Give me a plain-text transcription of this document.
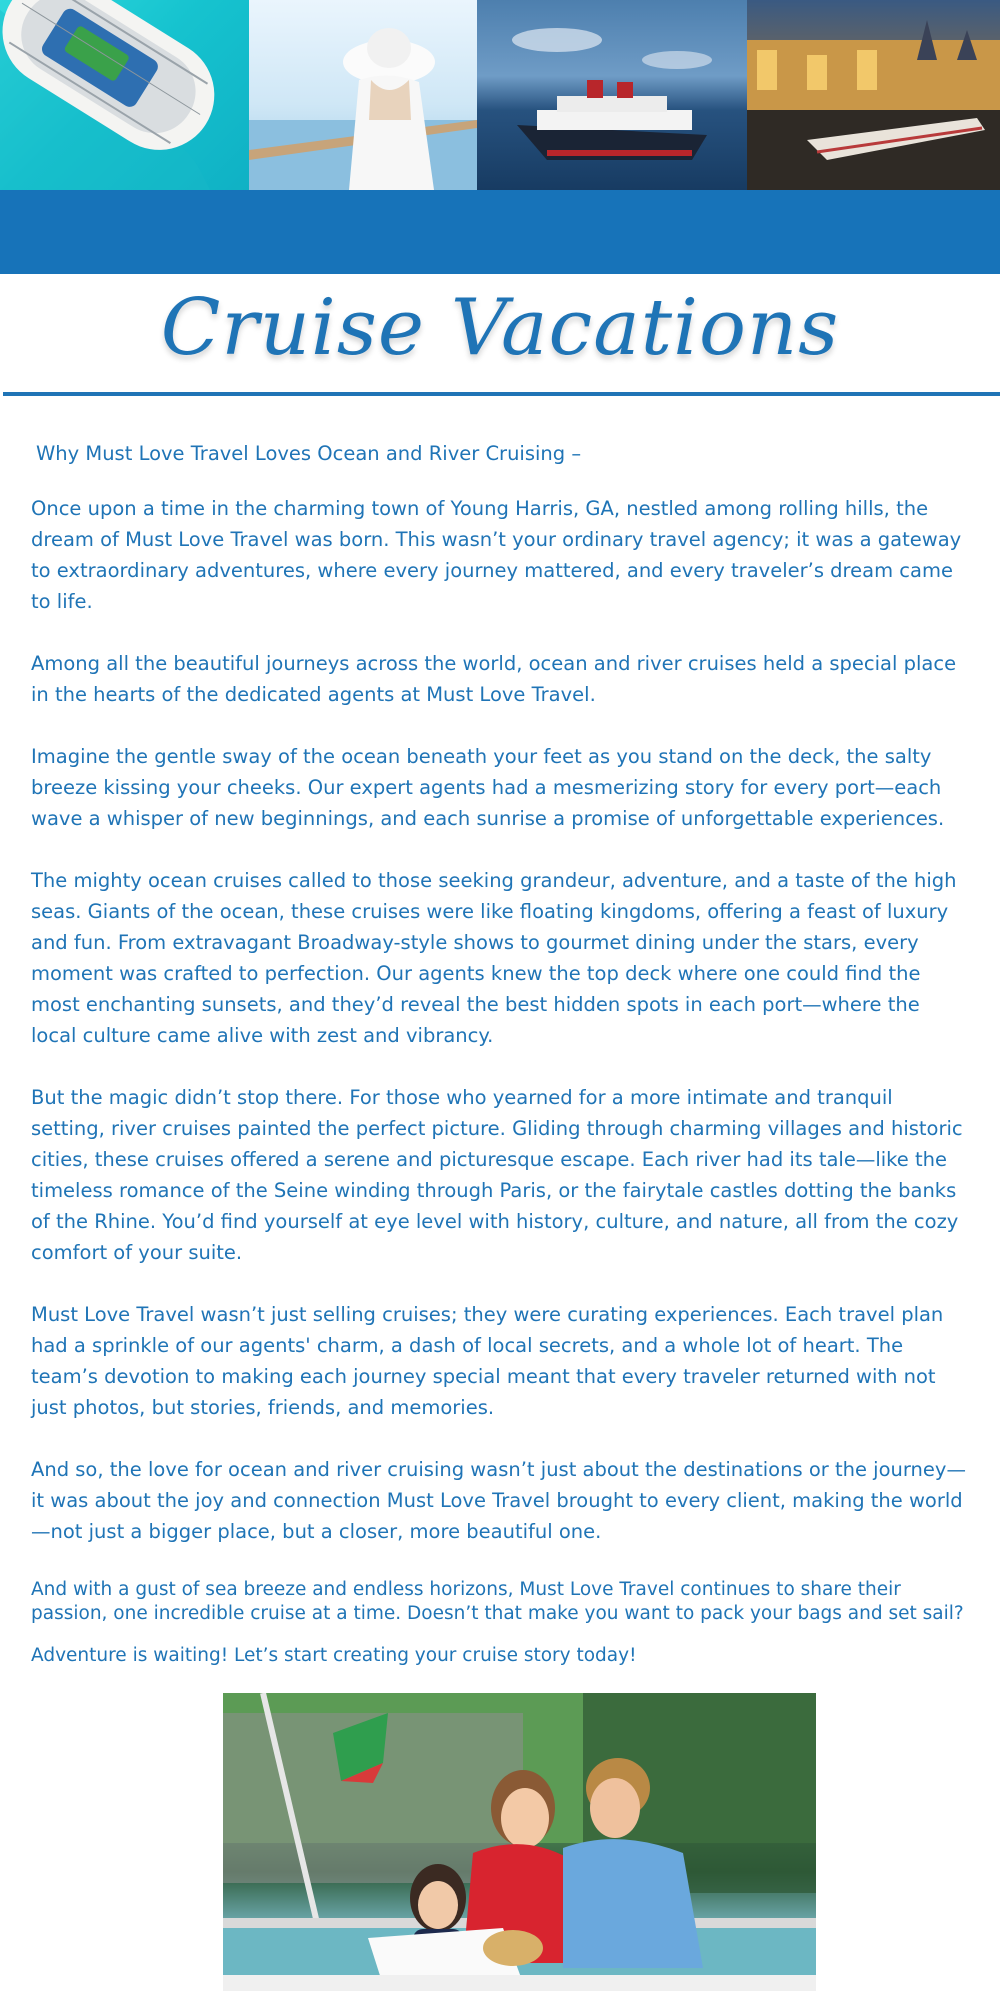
Cruise Vacations

Why Must Love Travel Loves Ocean and River Cruising –

Once upon a time in the charming town of Young Harris, GA, nestled among rolling hills, the dream of Must Love Travel was born. This wasn’t your ordinary travel agency; it was a gateway to extraordinary adventures, where every journey mattered, and every traveler’s dream came to life.

Among all the beautiful journeys across the world, ocean and river cruises held a special place in the hearts of the dedicated agents at Must Love Travel.

Imagine the gentle sway of the ocean beneath your feet as you stand on the deck, the salty breeze kissing your cheeks. Our expert agents had a mesmerizing story for every port—each wave a whisper of new beginnings, and each sunrise a promise of unforgettable experiences.

The mighty ocean cruises called to those seeking grandeur, adventure, and a taste of the high seas. Giants of the ocean, these cruises were like floating kingdoms, offering a feast of luxury and fun. From extravagant Broadway-style shows to gourmet dining under the stars, every moment was crafted to perfection. Our agents knew the top deck where one could find the most enchanting sunsets, and they’d reveal the best hidden spots in each port—where the local culture came alive with zest and vibrancy.

But the magic didn’t stop there. For those who yearned for a more intimate and tranquil setting, river cruises painted the perfect picture. Gliding through charming villages and historic cities, these cruises offered a serene and picturesque escape. Each river had its tale—like the timeless romance of the Seine winding through Paris, or the fairytale castles dotting the banks of the Rhine. You’d find yourself at eye level with history, culture, and nature, all from the cozy comfort of your suite.

Must Love Travel wasn’t just selling cruises; they were curating experiences. Each travel plan had a sprinkle of our agents' charm, a dash of local secrets, and a whole lot of heart. The team’s devotion to making each journey special meant that every traveler returned with not just photos, but stories, friends, and memories.

And so, the love for ocean and river cruising wasn’t just about the destinations or the journey—it was about the joy and connection Must Love Travel brought to every client, making the world—not just a bigger place, but a closer, more beautiful one.

And with a gust of sea breeze and endless horizons, Must Love Travel continues to share their passion, one incredible cruise at a time. Doesn’t that make you want to pack your bags and set sail?

Adventure is waiting! Let’s start creating your cruise story today!
